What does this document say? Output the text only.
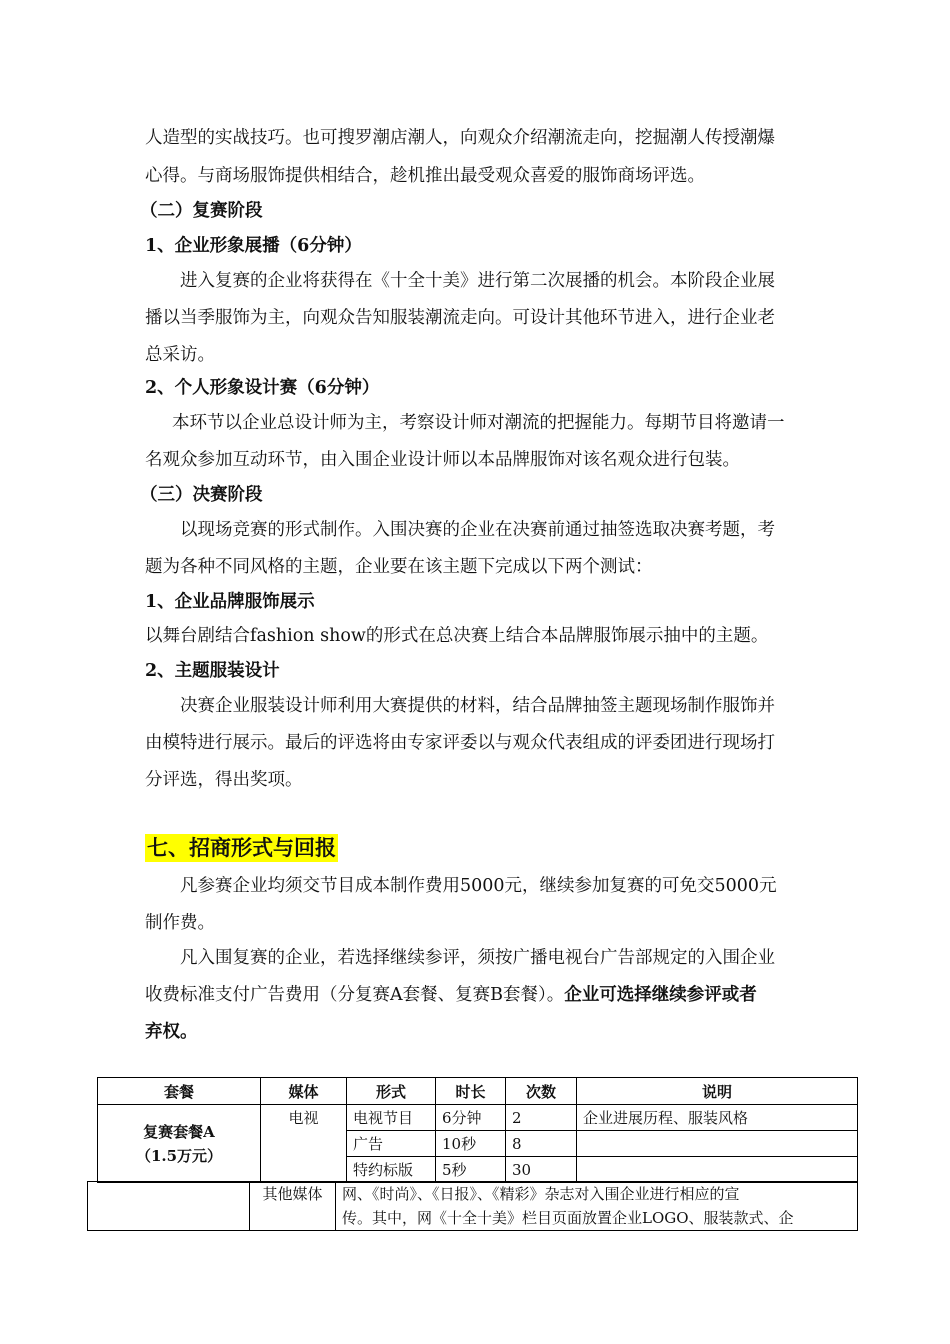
人造型的实战技巧。也可搜罗潮店潮人，向观众介绍潮流走向，挖掘潮人传授潮爆
心得。与商场服饰提供相结合，趁机推出最受观众喜爱的服饰商场评选。
（二）复赛阶段
1、企业形象展播（6分钟）
进入复赛的企业将获得在《十全十美》进行第二次展播的机会。本阶段企业展
播以当季服饰为主，向观众告知服装潮流走向。可设计其他环节进入，进行企业老
总采访。
2、个人形象设计赛（6分钟）
本环节以企业总设计师为主，考察设计师对潮流的把握能力。每期节目将邀请一
名观众参加互动环节，由入围企业设计师以本品牌服饰对该名观众进行包装。
（三）决赛阶段
以现场竞赛的形式制作。入围决赛的企业在决赛前通过抽签选取决赛考题，考
题为各种不同风格的主题，企业要在该主题下完成以下两个测试：
1、企业品牌服饰展示
以舞台剧结合fashion show的形式在总决赛上结合本品牌服饰展示抽中的主题。
2、主题服装设计
决赛企业服装设计师利用大赛提供的材料，结合品牌抽签主题现场制作服饰并
由模特进行展示。最后的评选将由专家评委以与观众代表组成的评委团进行现场打
分评选，得出奖项。
七、招商形式与回报
凡参赛企业均须交节目成本制作费用5000元，继续参加复赛的可免交5000元
制作费。
凡入围复赛的企业，若选择继续参评，须按广播电视台广告部规定的入围企业
收费标准支付广告费用（分复赛A套餐、复赛B套餐）。企业可选择继续参评或者
弃权。
套餐	媒体	形式	时长	次数	说明

复赛套餐A
（1.5万元）	电视	电视节目	6分钟	2	企业进展历程、服装风格
		广告	10秒	8	
		特约标版	5秒	30	
	其他媒体	网、《时尚》、《日报》、《精彩》杂志对入围企业进行相应的宣
传。其中，网《十全十美》栏目页面放置企业LOGO、服装款式、企
